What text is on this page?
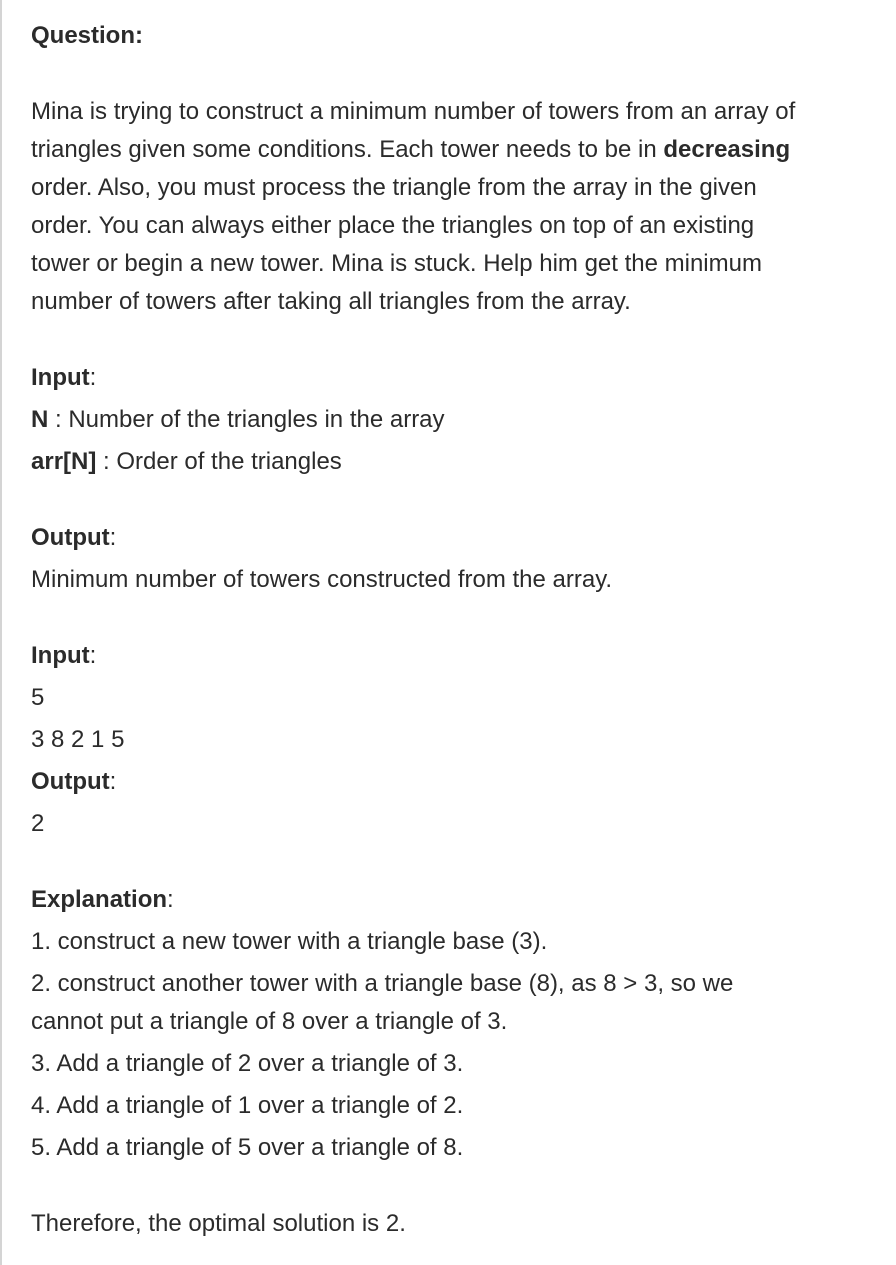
Question:
Mina is trying to construct a minimum number of towers from an array of
triangles given some conditions. Each tower needs to be in decreasing
order. Also, you must process the triangle from the array in the given
order. You can always either place the triangles on top of an existing
tower or begin a new tower. Mina is stuck. Help him get the minimum
number of towers after taking all triangles from the array.
Input:
N : Number of the triangles in the array
arr[N] : Order of the triangles
Output:
Minimum number of towers constructed from the array.
Input:
5
3 8 2 1 5
Output:
2
Explanation:
1. construct a new tower with a triangle base (3).
2. construct another tower with a triangle base (8), as 8 > 3, so we
cannot put a triangle of 8 over a triangle of 3.
3. Add a triangle of 2 over a triangle of 3.
4. Add a triangle of 1 over a triangle of 2.
5. Add a triangle of 5 over a triangle of 8.
Therefore, the optimal solution is 2.
